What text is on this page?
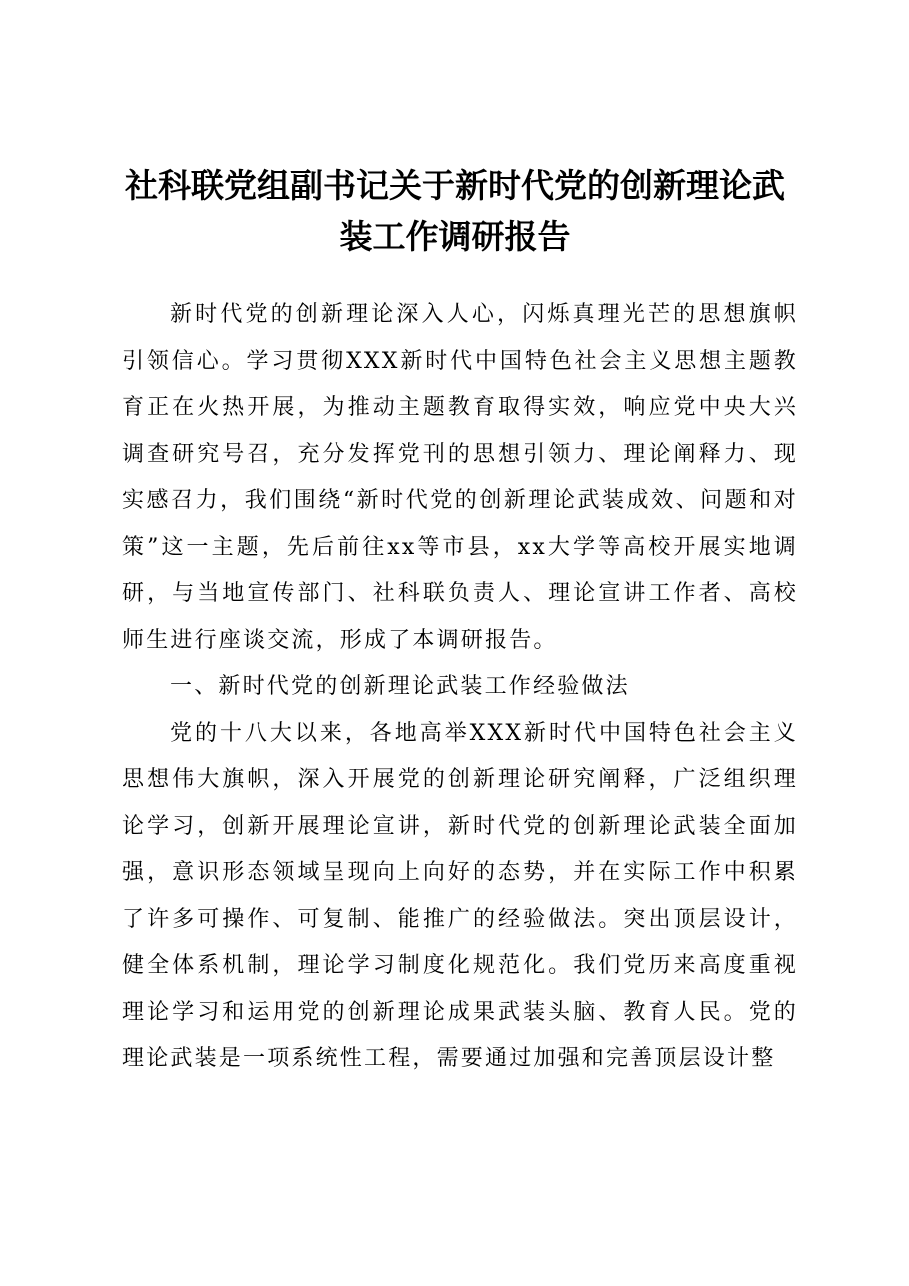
社科联党组副书记关于新时代党的创新理论武装工作调研报告

新时代党的创新理论深入人心，闪烁真理光芒的思想旗帜引领信心。学习贯彻XXX新时代中国特色社会主义思想主题教育正在火热开展，为推动主题教育取得实效，响应党中央大兴调查研究号召，充分发挥党刊的思想引领力、理论阐释力、现实感召力，我们围绕“新时代党的创新理论武装成效、问题和对策”这一主题，先后前往xx等市县，xx大学等高校开展实地调研，与当地宣传部门、社科联负责人、理论宣讲工作者、高校师生进行座谈交流，形成了本调研报告。

一、新时代党的创新理论武装工作经验做法

党的十八大以来，各地高举XXX新时代中国特色社会主义思想伟大旗帜，深入开展党的创新理论研究阐释，广泛组织理论学习，创新开展理论宣讲，新时代党的创新理论武装全面加强，意识形态领域呈现向上向好的态势，并在实际工作中积累了许多可操作、可复制、能推广的经验做法。突出顶层设计，健全体系机制，理论学习制度化规范化。我们党历来高度重视理论学习和运用党的创新理论成果武装头脑、教育人民。党的理论武装是一项系统性工程，需要通过加强和完善顶层设计整
